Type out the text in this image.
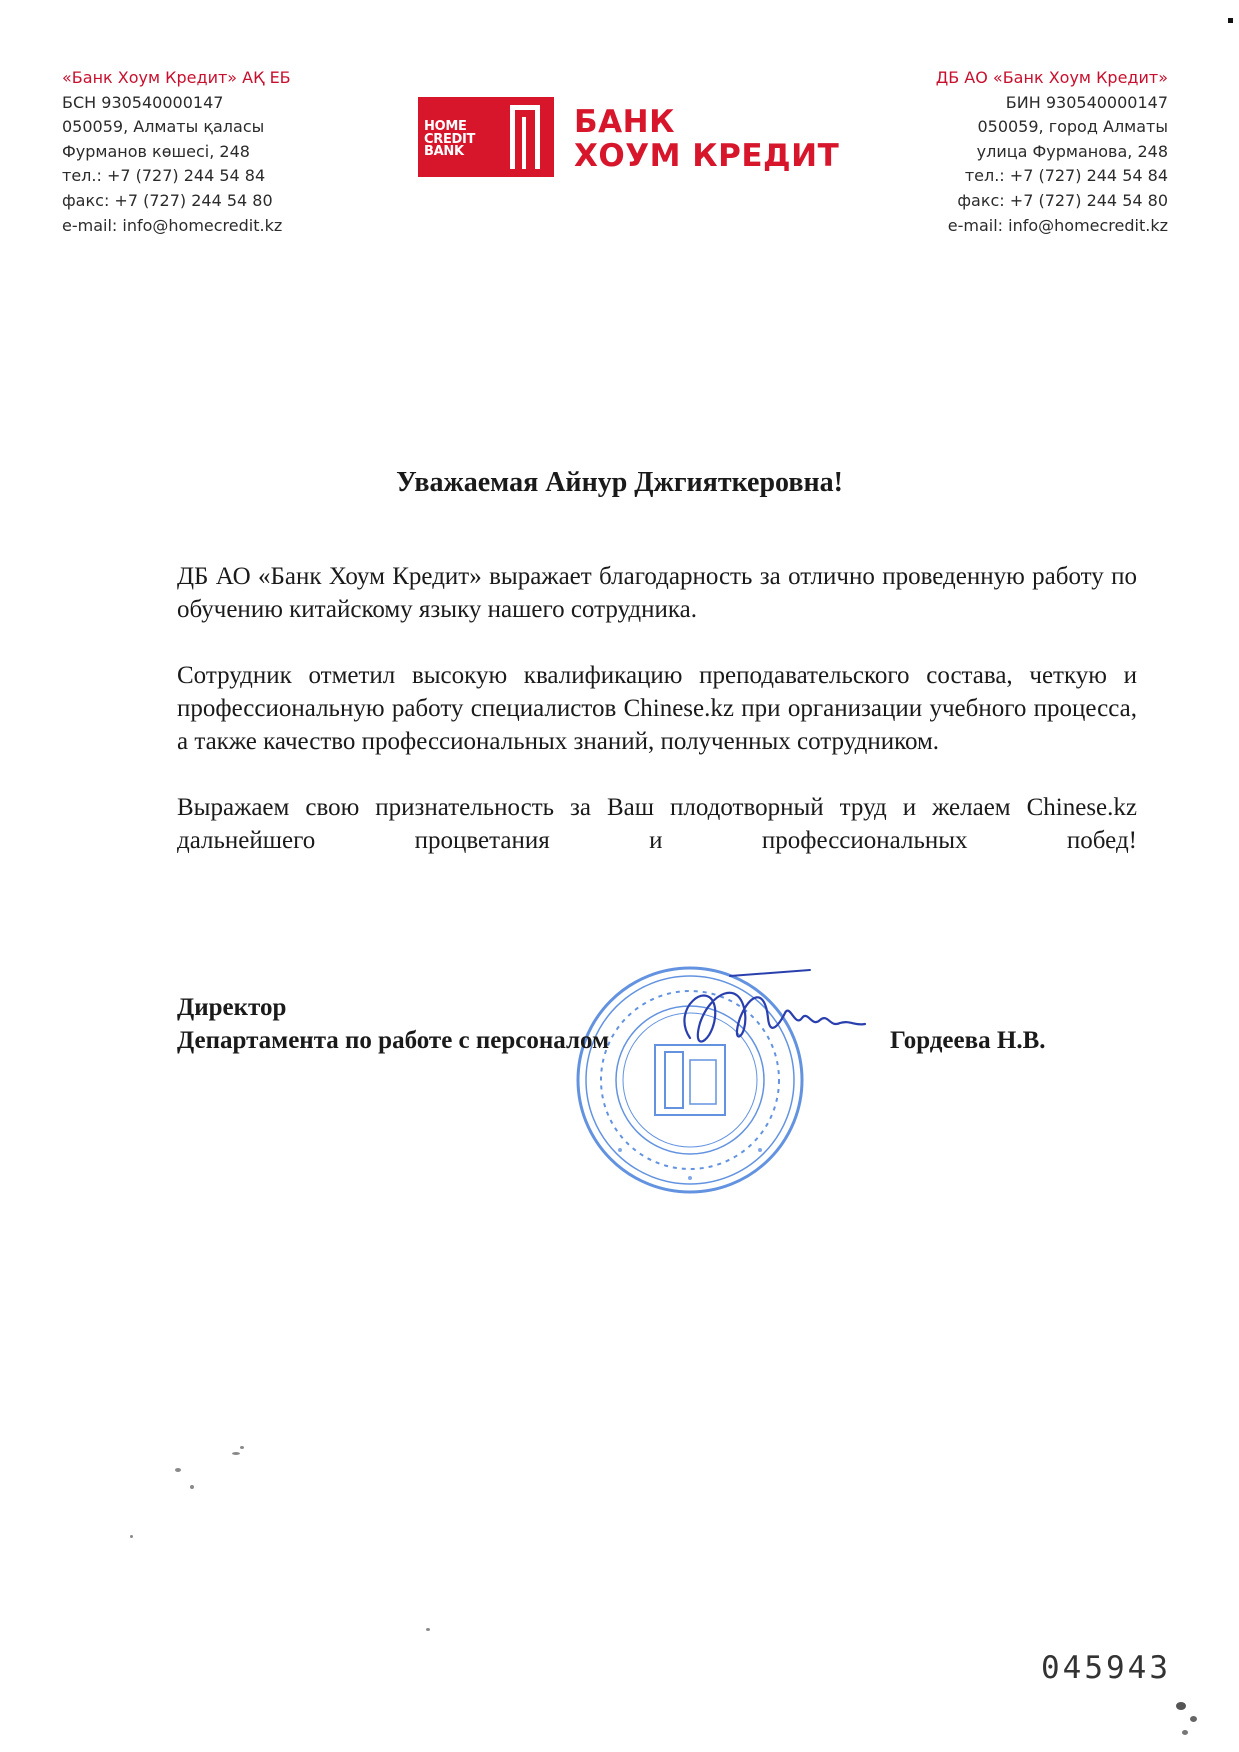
«Банк Хоум Кредит» АҚ ЕБ
БСН 930540000147
050059, Алматы қаласы
Фурманов көшесі, 248
тел.: +7 (727) 244 54 84
факс: +7 (727) 244 54 80
e-mail: info@homecredit.kz
HOME
CREDIT
BANK
БАНК
ХОУМ КРЕДИТ
ДБ АО «Банк Хоум Кредит»
БИН 930540000147
050059, город Алматы
улица Фурманова, 248
тел.: +7 (727) 244 54 84
факс: +7 (727) 244 54 80
e-mail: info@homecredit.kz
Уважаемая Айнур Джгияткеровна!

ДБ АО «Банк Хоум Кредит» выражает благодарность за отлично проведенную работу по обучению китайскому языку нашего сотрудника.

Сотрудник отметил высокую квалификацию преподавательского состава, четкую и профессиональную работу специалистов Chinese.kz при организации учебного процесса, а также качество профессиональных знаний, полученных сотрудником.

Выражаем свою признательность за Ваш плодотворный труд и желаем Chinese.kz дальнейшего процветания и профессиональных побед!

Директор
Департамента по работе с персоналом	Гордеева Н.В.
045943
